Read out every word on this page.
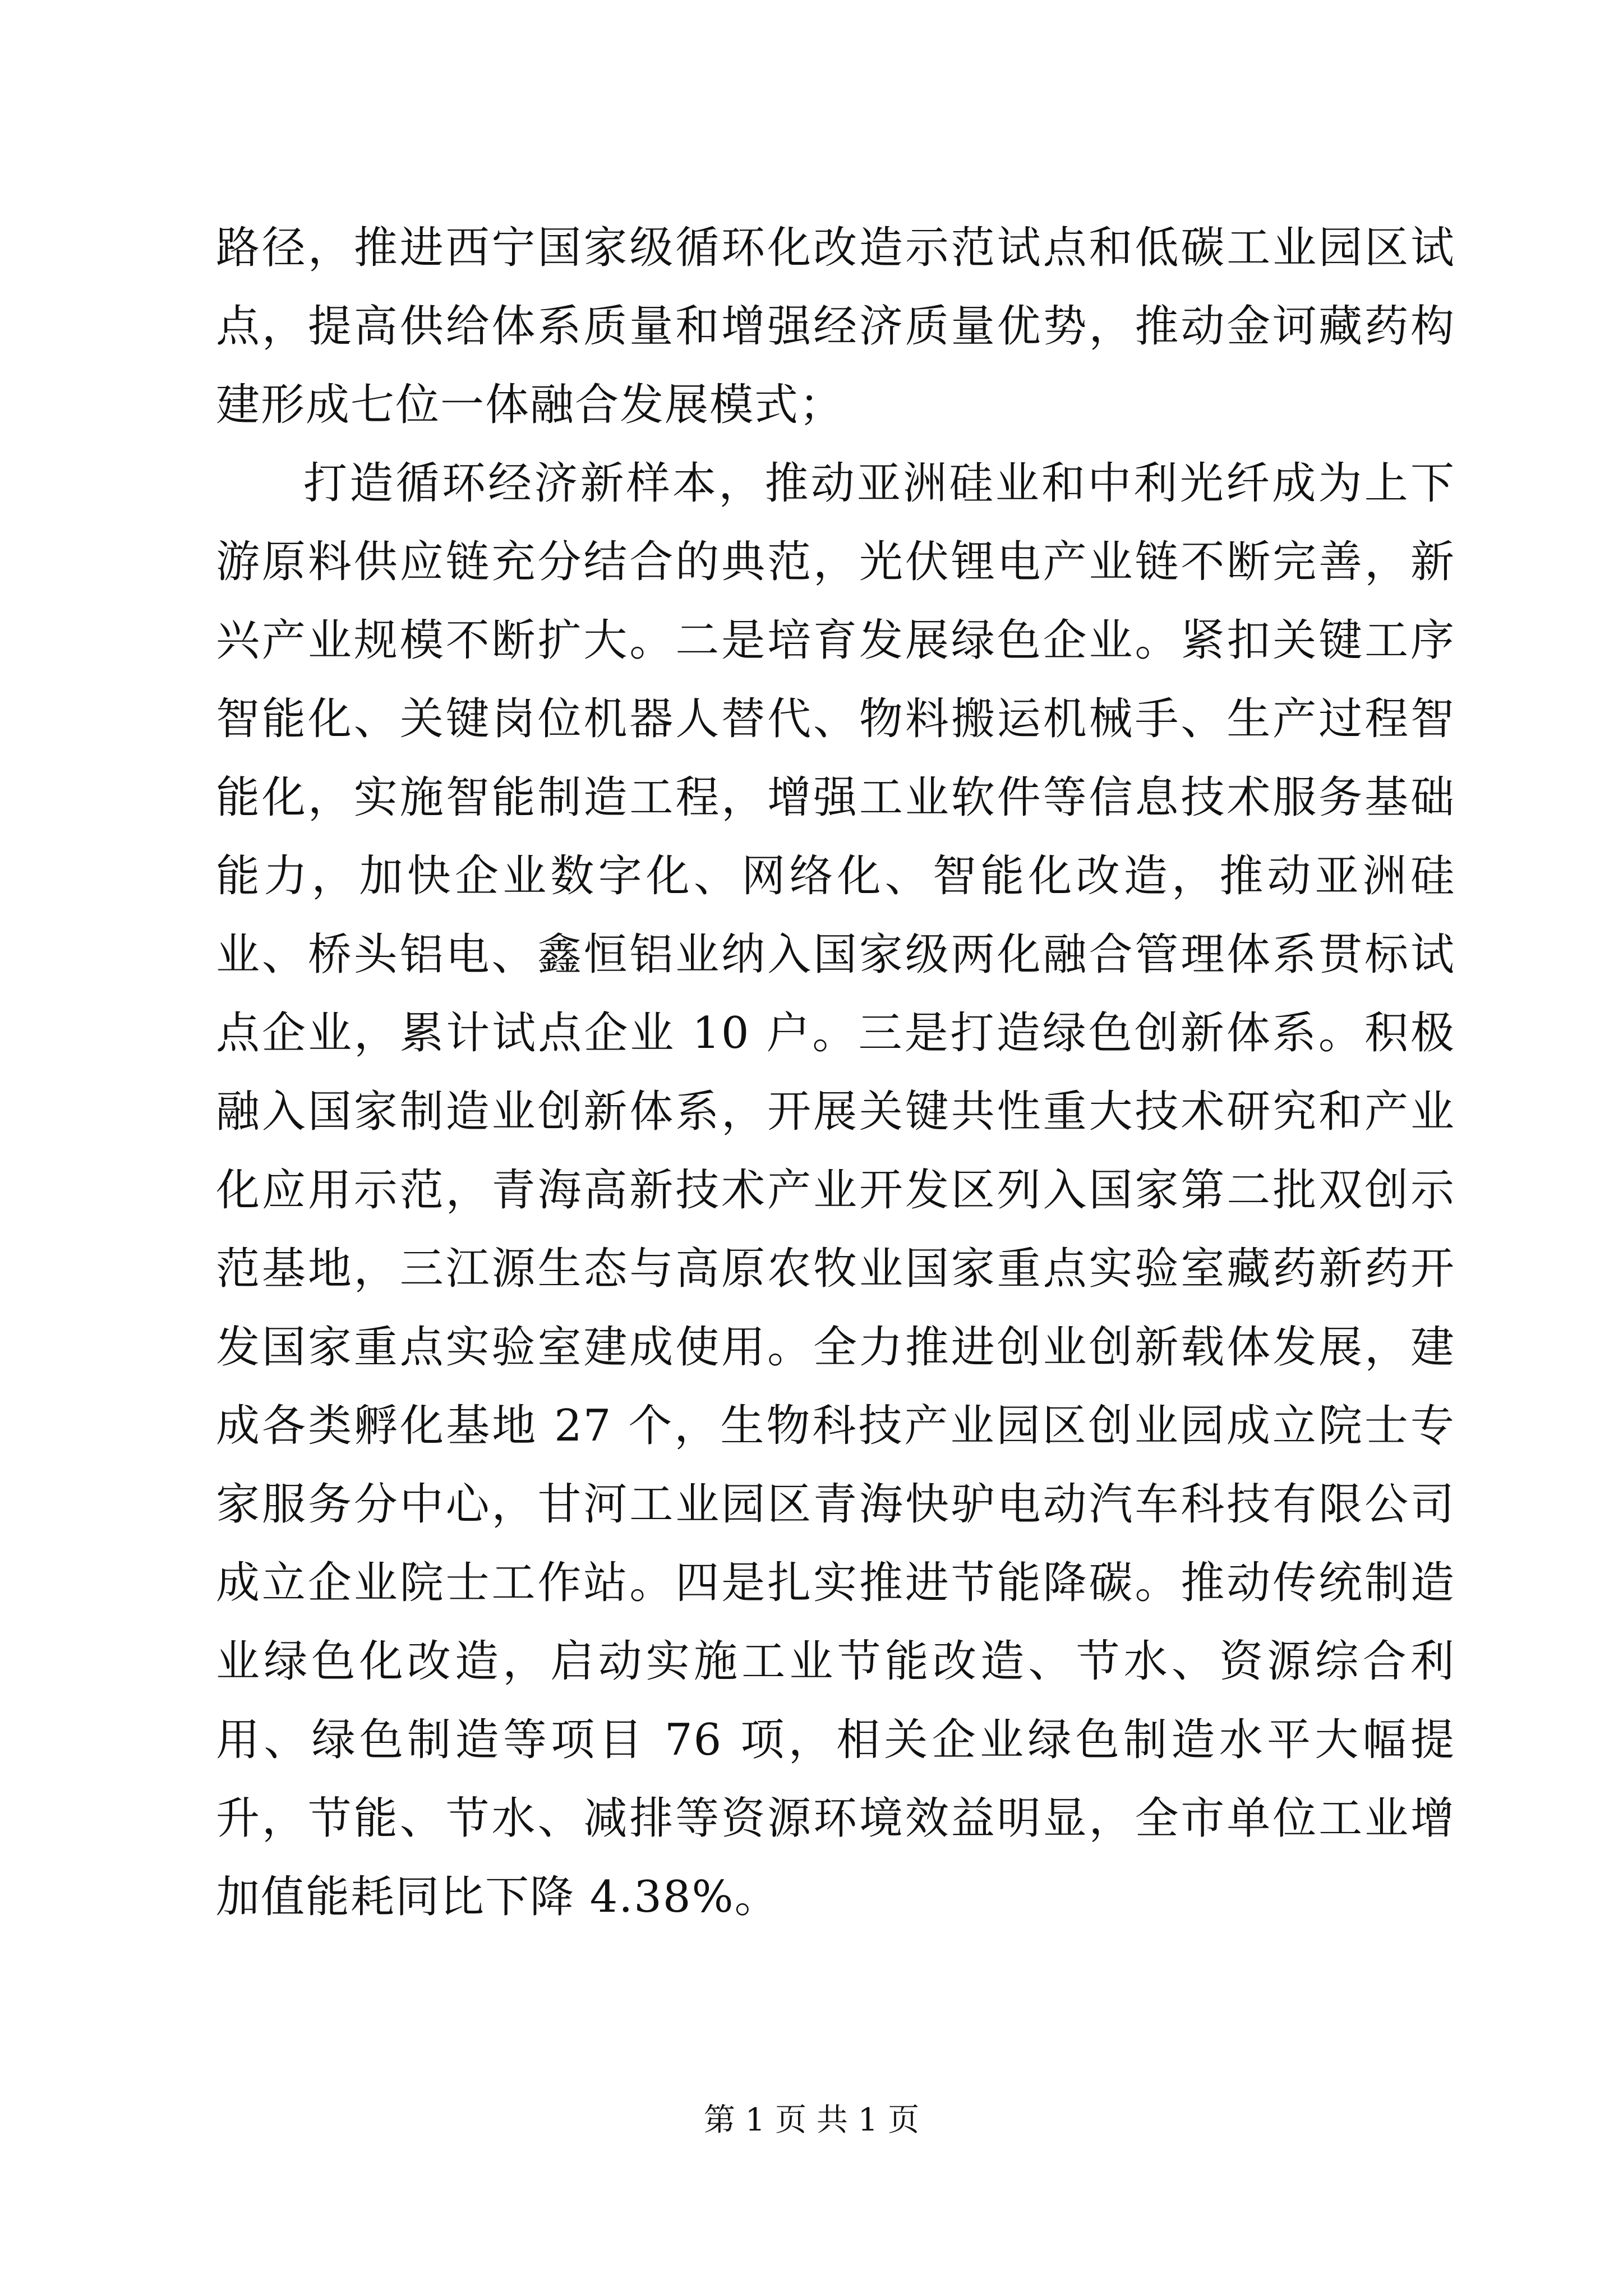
路径，推进西宁国家级循环化改造示范试点和低碳工业园区试点，提高供给体系质量和增强经济质量优势，推动金诃藏药构建形成七位一体融合发展模式；

打造循环经济新样本，推动亚洲硅业和中利光纤成为上下游原料供应链充分结合的典范，光伏锂电产业链不断完善，新兴产业规模不断扩大。二是培育发展绿色企业。紧扣关键工序智能化、关键岗位机器人替代、物料搬运机械手、生产过程智能化，实施智能制造工程，增强工业软件等信息技术服务基础能力，加快企业数字化、网络化、智能化改造，推动亚洲硅业、桥头铝电、鑫恒铝业纳入国家级两化融合管理体系贯标试点企业，累计试点企业 10 户。三是打造绿色创新体系。积极融入国家制造业创新体系，开展关键共性重大技术研究和产业化应用示范，青海高新技术产业开发区列入国家第二批双创示范基地，三江源生态与高原农牧业国家重点实验室藏药新药开发国家重点实验室建成使用。全力推进创业创新载体发展，建成各类孵化基地 27 个，生物科技产业园区创业园成立院士专家服务分中心，甘河工业园区青海快驴电动汽车科技有限公司成立企业院士工作站。四是扎实推进节能降碳。推动传统制造业绿色化改造，启动实施工业节能改造、节水、资源综合利用、绿色制造等项目 76 项，相关企业绿色制造水平大幅提升，节能、节水、减排等资源环境效益明显，全市单位工业增加值能耗同比下降 4.38%。

第 1 页 共 1 页
